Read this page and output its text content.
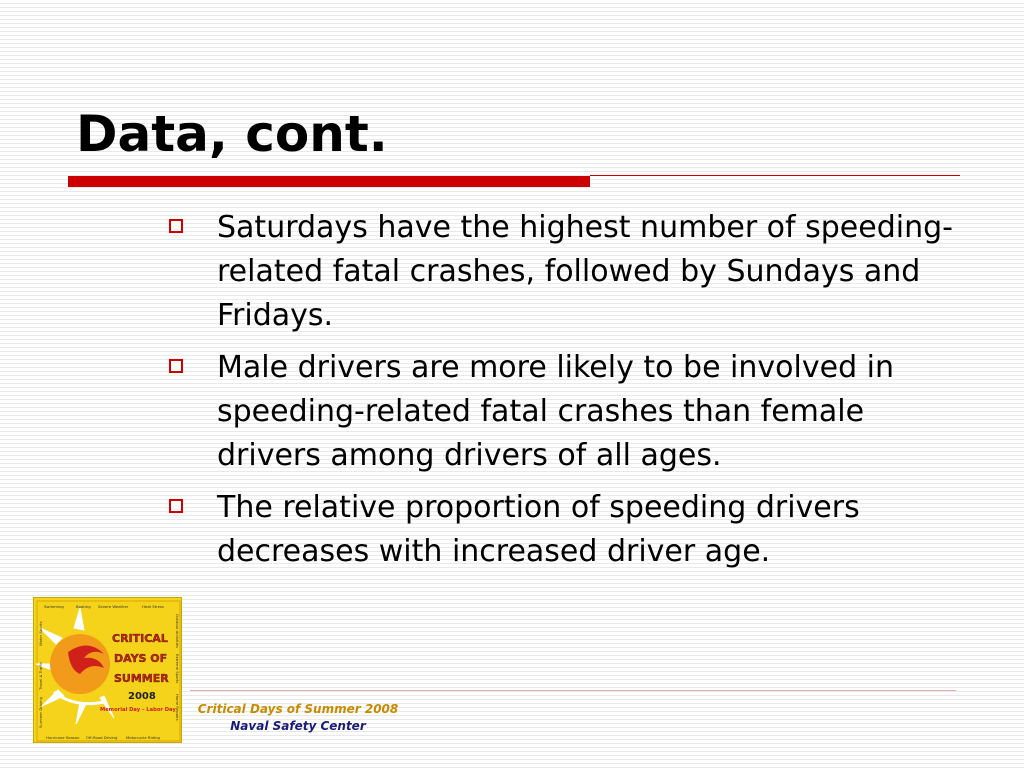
Data, cont.
Saturdays have the highest number of speeding-related fatal crashes, followed by Sundays and Fridays.
Male drivers are more likely to be involved in speeding-related fatal crashes than female drivers among drivers of all ages.
The relative proportion of speeding drivers decreases with increased driver age.
Swimming	Boating Severe Weather	Heat Stress
Hurricane Season Off-Road Driving Motorcycle Riding
Summer Driving
Travel & Traffic
Water Sports	Outdoor Activities
Extreme Sports
Home Repairs
CRITICAL
DAYS OF
SUMMER
2008
Memorial Day – Labor Day	Critical Days of Summer 2008
Naval Safety Center
